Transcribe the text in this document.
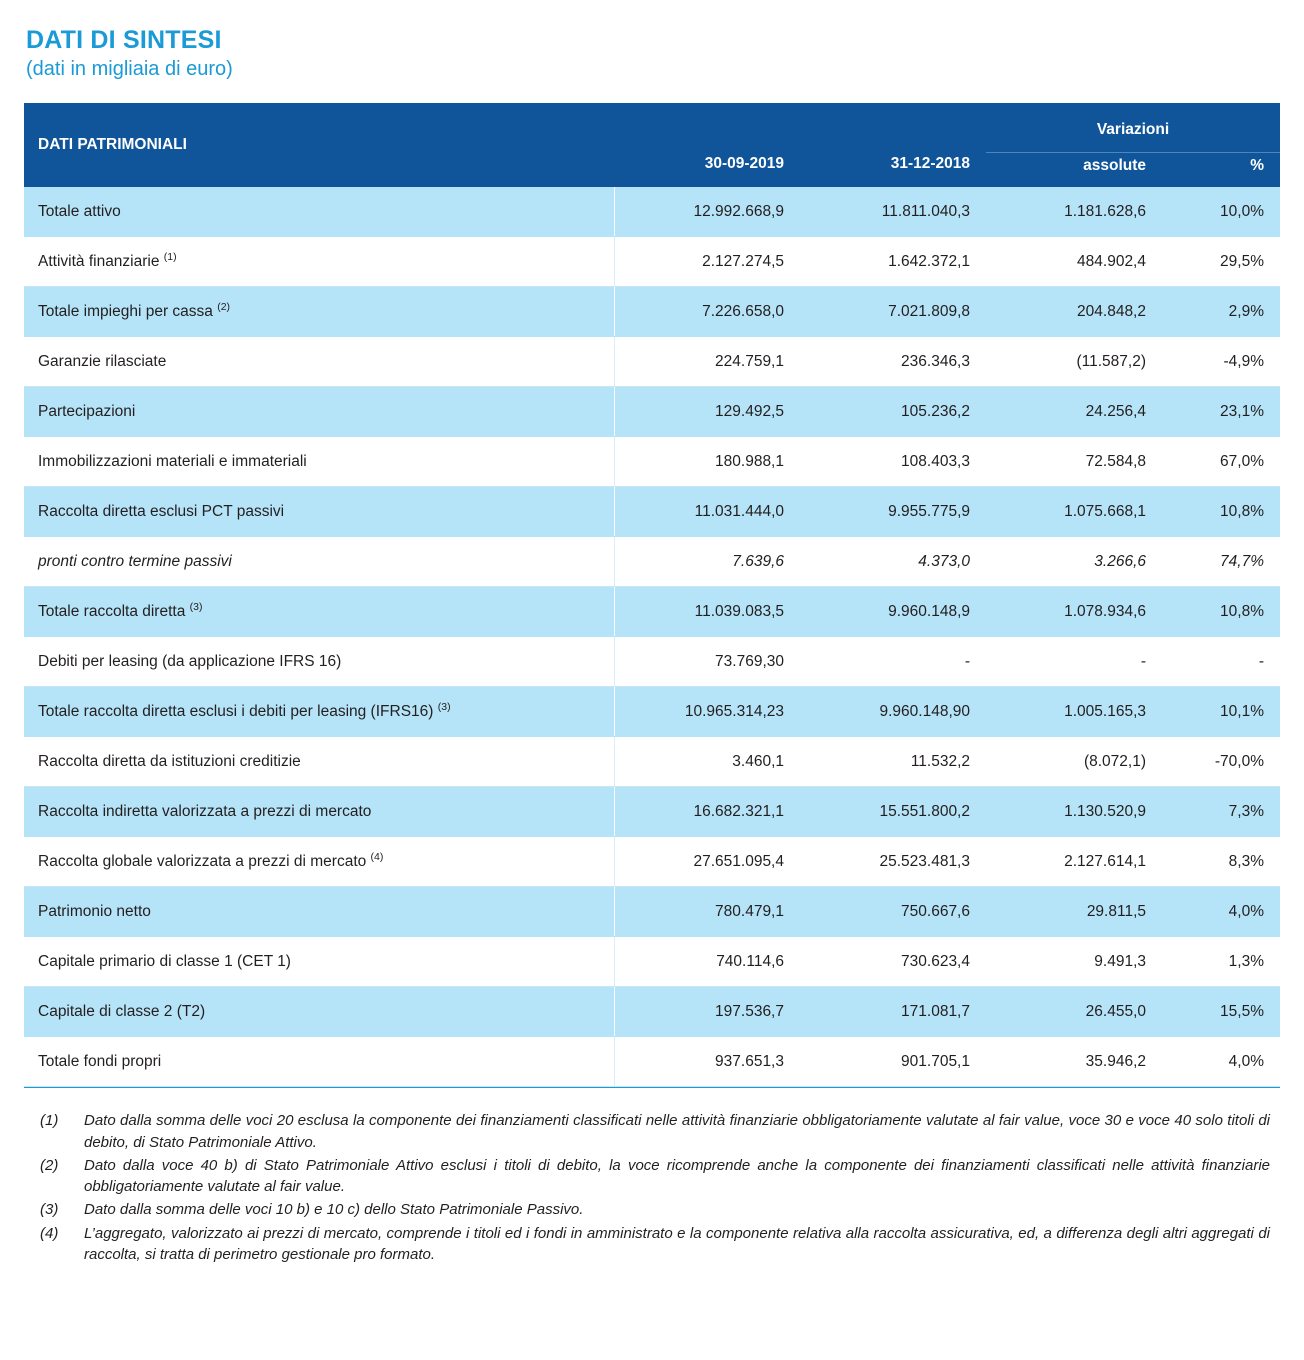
DATI DI SINTESI
(dati in migliaia di euro)
DATI PATRIMONIALI	30-09-2019	31-12-2018	Variazioni
assolute %	

Totale attivo	12.992.668,9	11.811.040,3	1.181.628,6	10,0%
Attività finanziarie $^{(1)}$	2.127.274,5	1.642.372,1	484.902,4	29,5%
Totale impieghi per cassa $^{(2)}$	7.226.658,0	7.021.809,8	204.848,2	2,9%
Garanzie rilasciate	224.759,1	236.346,3	(11.587,2)	-4,9%
Partecipazioni	129.492,5	105.236,2	24.256,4	23,1%
Immobilizzazioni materiali e immateriali	180.988,1	108.403,3	72.584,8	67,0%
Raccolta diretta esclusi PCT passivi	11.031.444,0	9.955.775,9	1.075.668,1	10,8%
pronti contro termine passivi	7.639,6	4.373,0	3.266,6	74,7%
Totale raccolta diretta $^{(3)}$	11.039.083,5	9.960.148,9	1.078.934,6	10,8%
Debiti per leasing (da applicazione IFRS 16)	73.769,30	-	-	-
Totale raccolta diretta esclusi i debiti per leasing (IFRS16) $^{(3)}$	10.965.314,23	9.960.148,90	1.005.165,3	10,1%
Raccolta diretta da istituzioni creditizie	3.460,1	11.532,2	(8.072,1)	-70,0%
Raccolta indiretta valorizzata a prezzi di mercato	16.682.321,1	15.551.800,2	1.130.520,9	7,3%
Raccolta globale valorizzata a prezzi di mercato $^{(4)}$	27.651.095,4	25.523.481,3	2.127.614,1	8,3%
Patrimonio netto	780.479,1	750.667,6	29.811,5	4,0%
Capitale primario di classe 1 (CET 1)	740.114,6	730.623,4	9.491,3	1,3%
Capitale di classe 2 (T2)	197.536,7	171.081,7	26.455,0	15,5%
Totale fondi propri	937.651,3	901.705,1	35.946,2	4,0%
(1)	Dato dalla somma delle voci 20 esclusa la componente dei finanziamenti classificati nelle attività finanziarie obbligatoriamente valutate al fair value, voce 30 e voce 40 solo titoli di debito, di Stato Patrimoniale Attivo.
(2)	Dato dalla voce 40 b) di Stato Patrimoniale Attivo esclusi i titoli di debito, la voce ricomprende anche la componente dei finanziamenti classificati nelle attività finanziarie obbligatoriamente valutate al fair value.
(3)	Dato dalla somma delle voci 10 b) e 10 c) dello Stato Patrimoniale Passivo.
(4)	L’aggregato, valorizzato ai prezzi di mercato, comprende i titoli ed i fondi in amministrato e la componente relativa alla raccolta assicurativa, ed, a differenza degli altri aggregati di raccolta, si tratta di perimetro gestionale pro formato.
